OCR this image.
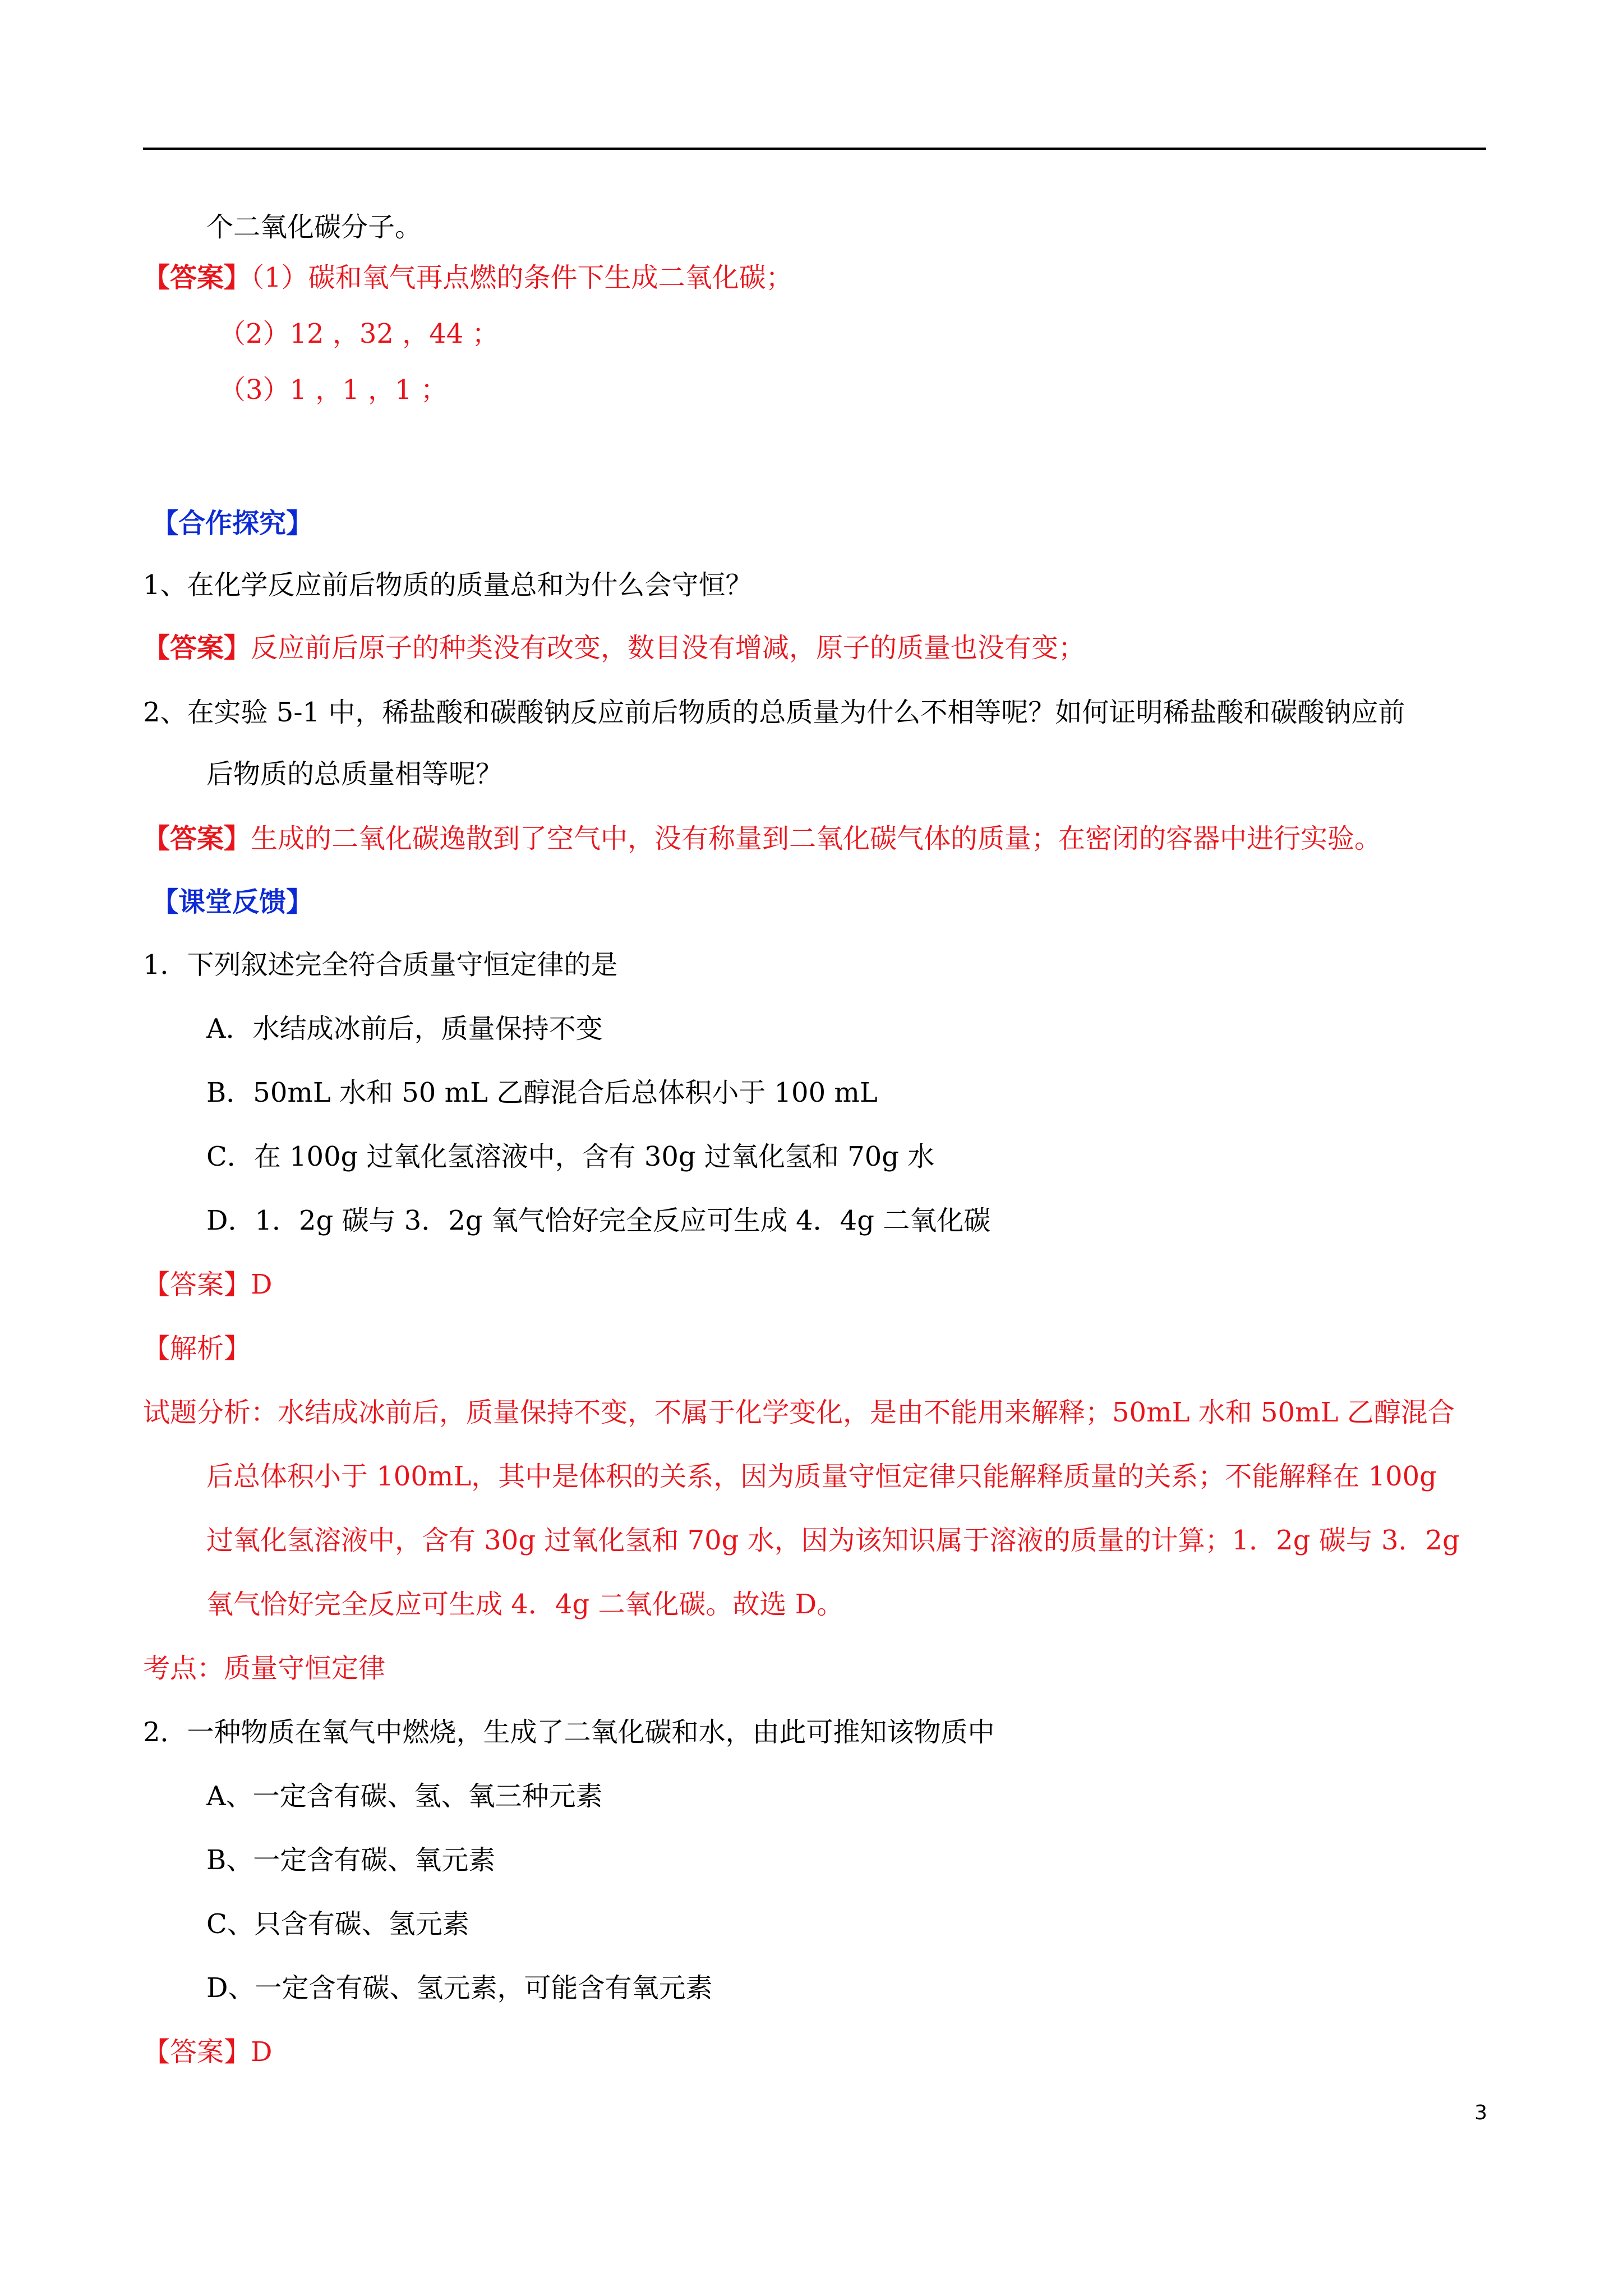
个二氧化碳分子。
【答案】（1）碳和氧气再点燃的条件下生成二氧化碳；
（2）12 ，32 ，44 ；
（3）1 ，1 ，1 ；
【合作探究】
1、在化学反应前后物质的质量总和为什么会守恒？
【答案】反应前后原子的种类没有改变，数目没有增减，原子的质量也没有变；
2、在实验 5-1 中，稀盐酸和碳酸钠反应前后物质的总质量为什么不相等呢？如何证明稀盐酸和碳酸钠应前
后物质的总质量相等呢？
【答案】生成的二氧化碳逸散到了空气中，没有称量到二氧化碳气体的质量；在密闭的容器中进行实验。
【课堂反馈】
1．下列叙述完全符合质量守恒定律的是
A．水结成冰前后，质量保持不变
B．50mL 水和 50 mL 乙醇混合后总体积小于 100 mL
C．在 100g 过氧化氢溶液中，含有 30g 过氧化氢和 70g 水
D．1．2g 碳与 3．2g 氧气恰好完全反应可生成 4．4g 二氧化碳
【答案】D
【解析】
试题分析：水结成冰前后，质量保持不变，不属于化学变化，是由不能用来解释；50mL 水和 50mL 乙醇混合
后总体积小于 100mL，其中是体积的关系，因为质量守恒定律只能解释质量的关系；不能解释在 100g
过氧化氢溶液中，含有 30g 过氧化氢和 70g 水，因为该知识属于溶液的质量的计算；1．2g 碳与 3．2g
氧气恰好完全反应可生成 4．4g 二氧化碳。故选 D。
考点：质量守恒定律
2．一种物质在氧气中燃烧，生成了二氧化碳和水，由此可推知该物质中
A、一定含有碳、氢、氧三种元素
B、一定含有碳、氧元素
C、只含有碳、氢元素
D、一定含有碳、氢元素，可能含有氧元素
【答案】D
3
